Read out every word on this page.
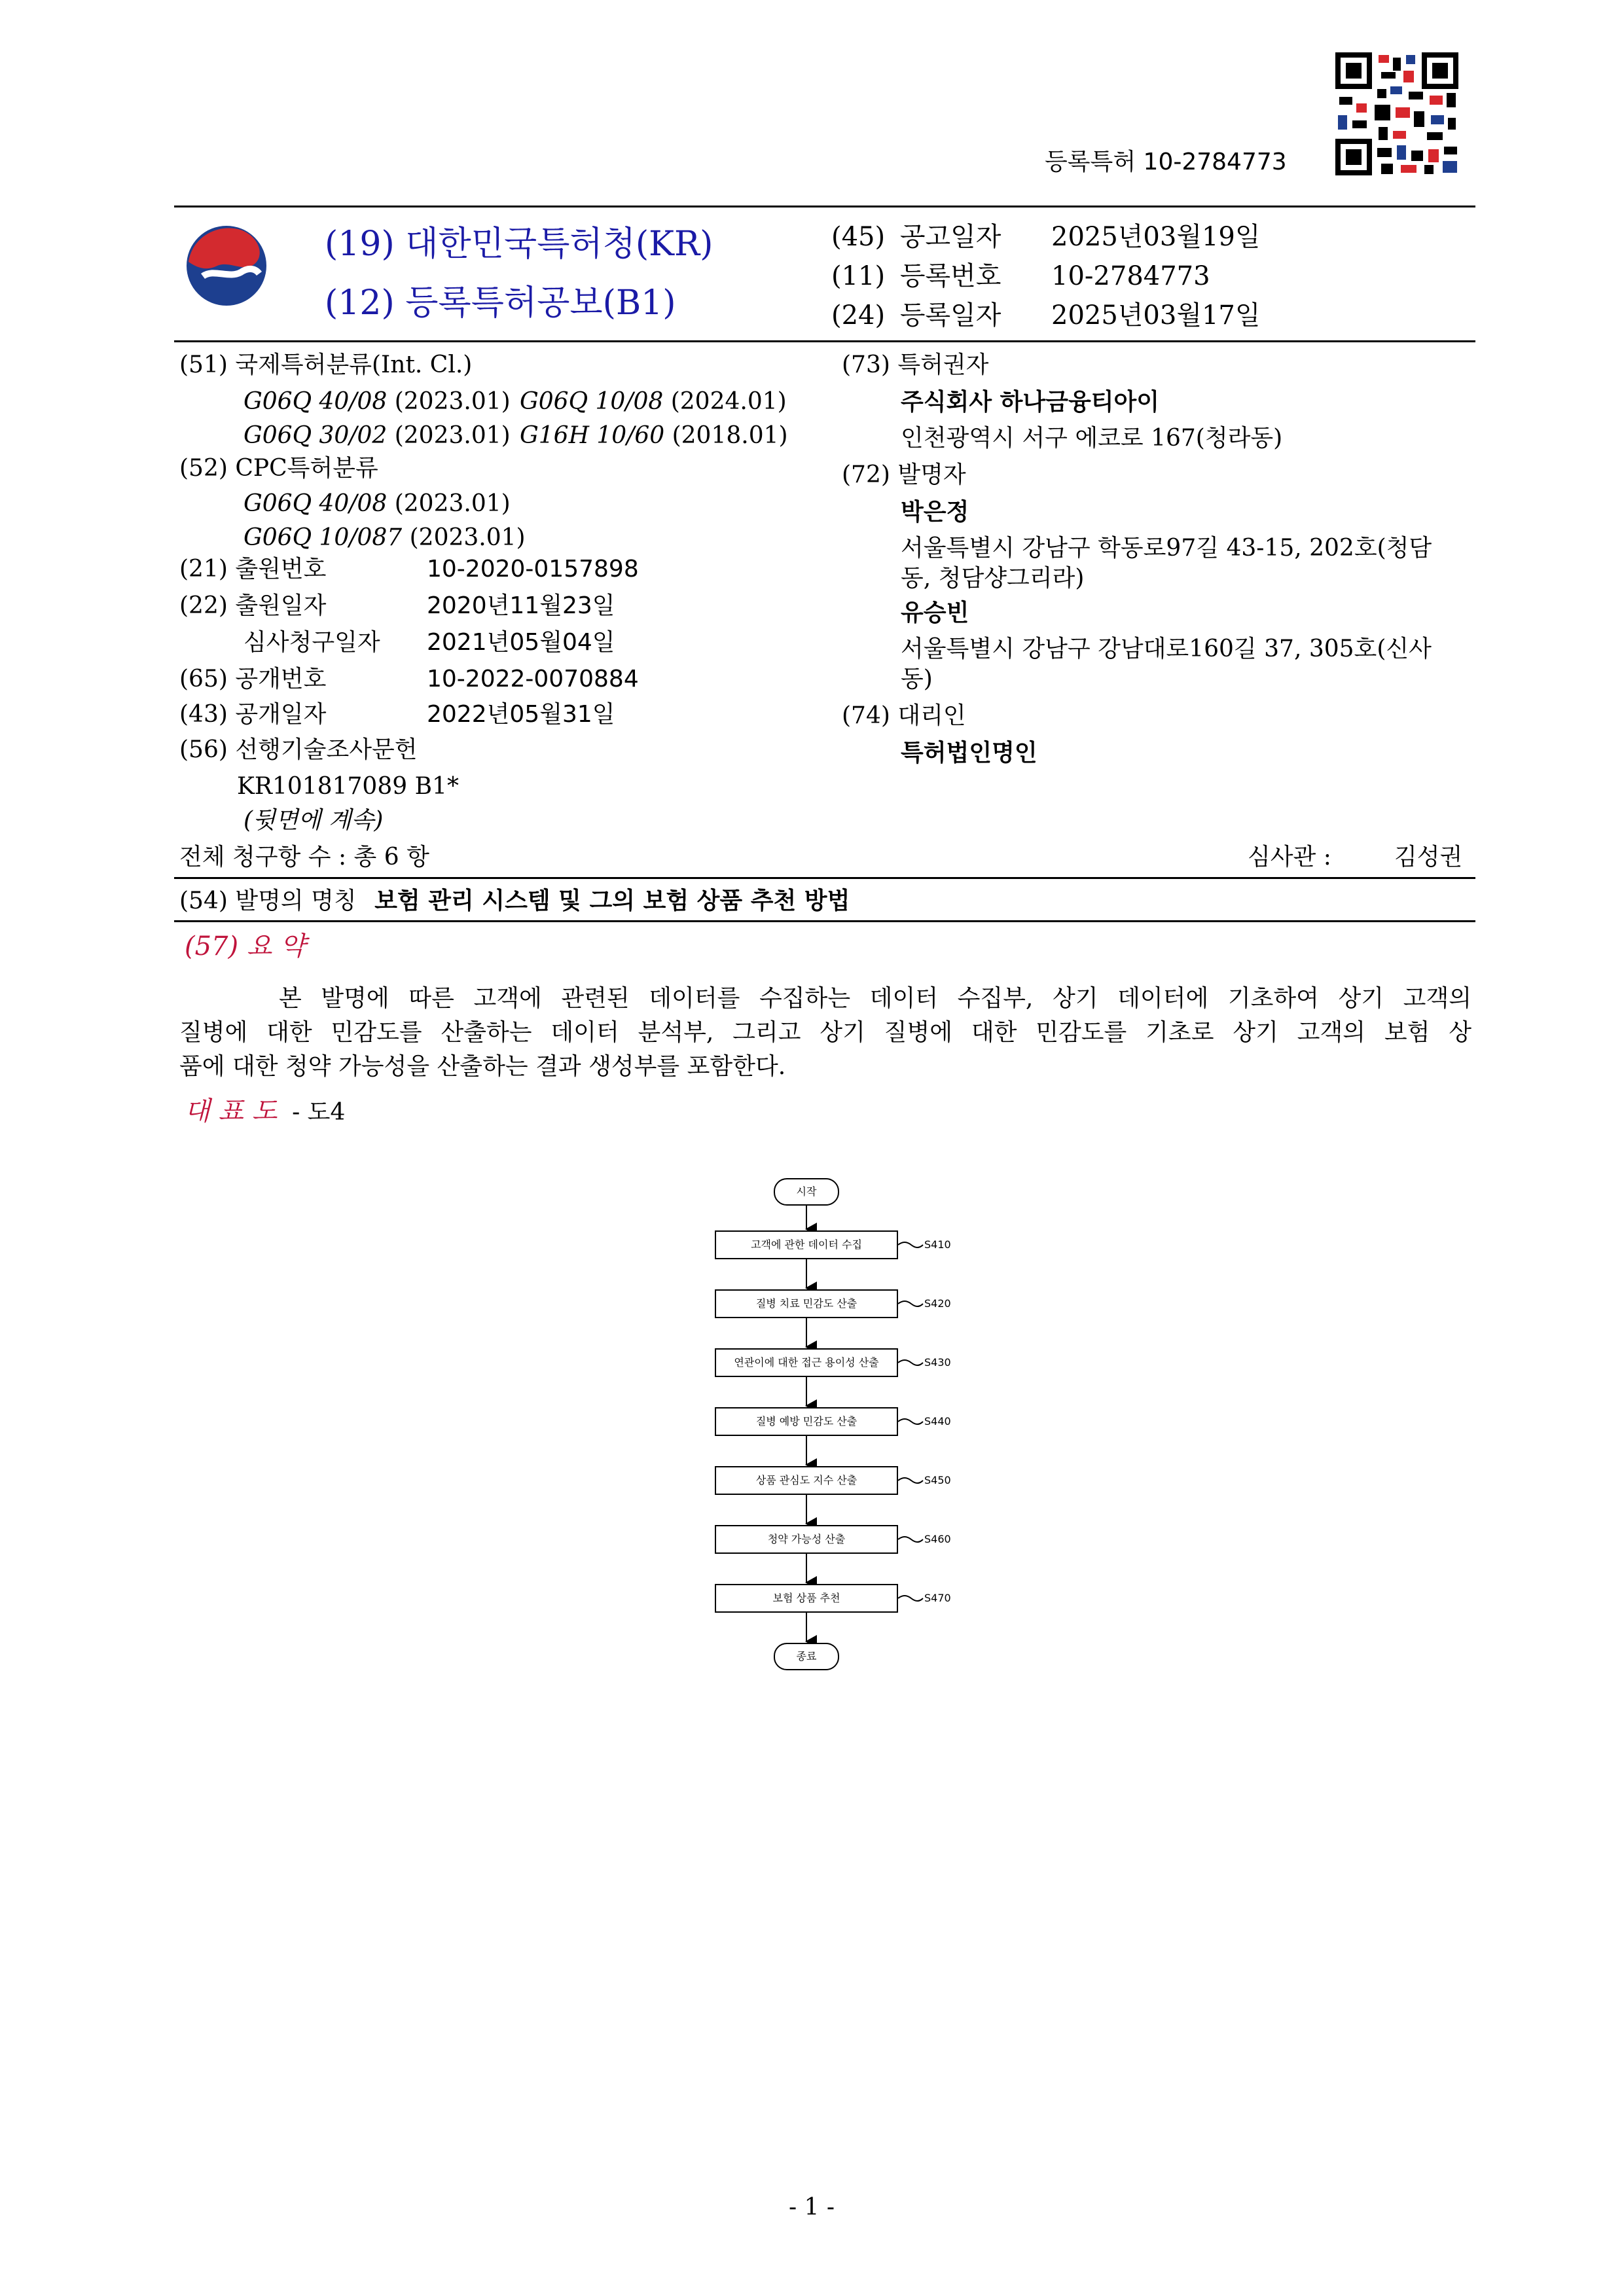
등록특허 10-2784773
(19) 대한민국특허청(KR)
(12) 등록특허공보(B1)
(45) 공고일자 2025년03월19일
(11) 등록번호 10-2784773
(24) 등록일자 2025년03월17일
(51) 국제특허분류(Int. Cl.)
G06Q 40/08 (2023.01) G06Q 10/08 (2024.01)
G06Q 30/02 (2023.01) G16H 10/60 (2018.01)
(52) CPC특허분류
G06Q 40/08 (2023.01)
G06Q 10/087 (2023.01)
(21) 출원번호	10-2020-0157898
(22) 출원일자	2020년11월23일
심사청구일자 2021년05월04일
(65) 공개번호	10-2022-0070884
(43) 공개일자	2022년05월31일
(56) 선행기술조사문헌
KR101817089 B1*
(뒷면에 계속)
(73) 특허권자
주식회사 하나금융티아이
인천광역시 서구 에코로 167(청라동)
(72) 발명자
박은정
서울특별시 강남구 학동로97길 43-15, 202호(청담
동, 청담샹그리라)
유승빈
서울특별시 강남구 강남대로160길 37, 305호(신사
동)
(74) 대리인
특허법인명인
전체 청구항 수 : 총 6 항	심사관 :	김성권
(54) 발명의 명칭 보험 관리 시스템 및 그의 보험 상품 추천 방법
(57) 요 약
본 발명에 따른 고객에 관련된 데이터를 수집하는 데이터 수집부, 상기 데이터에 기초하여 상기 고객의
질병에 대한 민감도를 산출하는 데이터 분석부, 그리고 상기 질병에 대한 민감도를 기초로 상기 고객의 보험 상
품에 대한 청약 가능성을 산출하는 결과 생성부를 포함한다.
대 표 도 - 도4
시작
고객에 관한 데이터 수집	S410
질병 치료 민감도 산출	S420
연관이에 대한 접근 용이성 산출	S430
질병 예방 민감도 산출	S440
상품 관심도 지수 산출	S450
청약 가능성 산출	S460
보험 상품 추천	S470
종료
- 1 -
